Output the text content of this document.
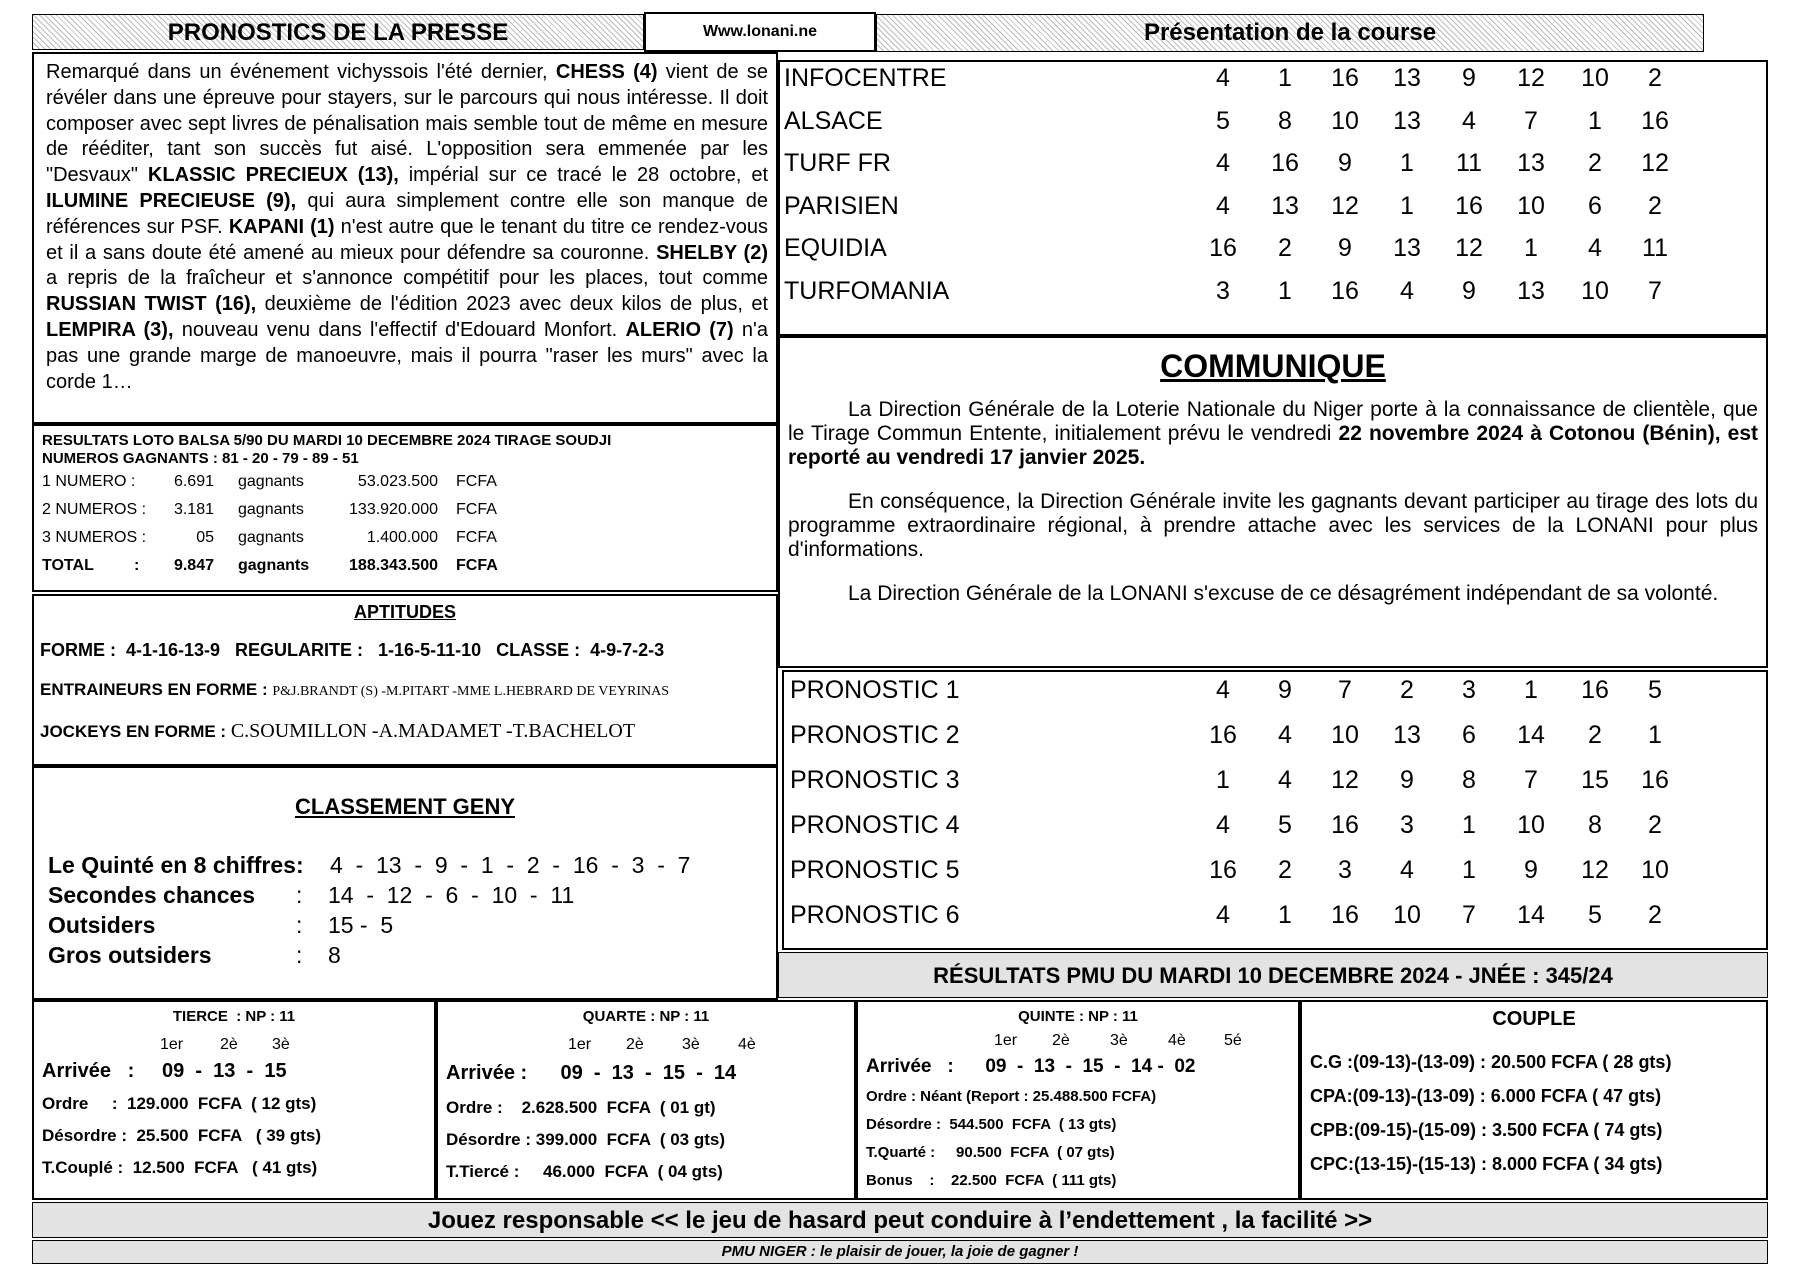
PRONOSTICS DE LA PRESSE	Www.lonani.ne	Présentation de la course
Remarqué dans un événement vichyssois l'été dernier, CHESS (4) vient de se révéler dans une épreuve pour stayers, sur le parcours qui nous intéresse. Il doit composer avec sept livres de pénalisation mais semble tout de même en mesure de rééditer, tant son succès fut aisé. L'opposition sera emmenée par les "Desvaux" KLASSIC PRECIEUX (13), impérial sur ce tracé le 28 octobre, et ILUMINE PRECIEUSE (9), qui aura simplement contre elle son manque de références sur PSF. KAPANI (1) n'est autre que le tenant du titre ce rendez-vous et il a sans doute été amené au mieux pour défendre sa couronne. SHELBY (2) a repris de la fraîcheur et s'annonce compétitif pour les places, tout comme RUSSIAN TWIST (16), deuxième de l'édition 2023 avec deux kilos de plus, et LEMPIRA (3), nouveau venu dans l'effectif d'Edouard Monfort. ALERIO (7) n'a pas une grande marge de manoeuvre, mais il pourra "raser les murs" avec la corde 1…
INFOCENTRE	4	1	16	13	9	12	10	2
ALSACE	5	8	10	13	4	7	1	16
TURF FR	4	16	9	1	11	13	2	12
PARISIEN	4	13	12	1	16	10	6	2
EQUIDIA	16	2	9	13	12	1	4	11
TURFOMANIA	3	1	16	4	9	13	10	7
RESULTATS LOTO BALSA 5/90 DU MARDI 10 DECEMBRE 2024 TIRAGE SOUDJI
NUMEROS GAGNANTS : 81 - 20 - 79 - 89 - 51
1 NUMERO :	6.691 gagnants	53.023.500 FCFA
2 NUMEROS :	3.181 gagnants	133.920.000 FCFA
3 NUMEROS :	05 gagnants	1.400.000 FCFA
TOTAL	9.847 gagnants	188.343.500 FCFA
:
APTITUDES
FORME :  4-1-16-13-9   REGULARITE :   1-16-5-11-10   CLASSE :  4-9-7-2-3
ENTRAINEURS EN FORME : P&J.BRANDT (S) -M.PITART -MME L.HEBRARD DE VEYRINAS
JOCKEYS EN FORME : C.SOUMILLON -A.MADAMET -T.BACHELOT
CLASSEMENT GENY
Le Quinté en 8 chiffres: 4  -  13  -  9  -  1  -  2  -  16  -  3  -  7
Secondes chances :    14  -  12  -  6  -  10  -  11
Outsiders	:    15 -  5
Gros outsiders	:    8
COMMUNIQUE

La Direction Générale de la Loterie Nationale du Niger porte à la connaissance de clientèle, que le Tirage Commun Entente, initialement prévu le vendredi 22 novembre 2024 à Cotonou (Bénin), est reporté au vendredi 17 janvier 2025.

En conséquence, la Direction Générale invite les gagnants devant participer au tirage des lots du programme extraordinaire régional, à prendre attache avec les services de la LONANI pour plus d'informations.

La Direction Générale de la LONANI s'excuse de ce désagrément indépendant de sa volonté.

PRONOSTIC 1	4	9	7	2	3	1	16	5
PRONOSTIC 2	16	4	10	13	6	14	2	1
PRONOSTIC 3	1	4	12	9	8	7	15	16
PRONOSTIC 4	4	5	16	3	1	10	8	2
PRONOSTIC 5	16	2	3	4	1	9	12	10
PRONOSTIC 6	4	1	16	10	7	14	5	2
RÉSULTATS PMU DU MARDI 10 DECEMBRE 2024 - JNÉE : 345/24
TIERCE  : NP : 11
1er 2è 3è
Arrivée   :     09  -  13  -  15
Ordre     :  129.000  FCFA  ( 12 gts)
Désordre :  25.500  FCFA   ( 39 gts)
T.Couplé :  12.500  FCFA   ( 41 gts)
QUARTE : NP : 11
1er 2è 3è 4è
Arrivée :      09  -  13  -  15  -  14
Ordre :    2.628.500  FCFA  ( 01 gt)
Désordre : 399.000  FCFA  ( 03 gts)
T.Tiercé :     46.000  FCFA  ( 04 gts)
QUINTE : NP : 11
1er 2è	3è	4è 5é
Arrivée   :      09  -  13  -  15  -  14 -  02
Ordre : Néant (Report : 25.488.500 FCFA)
Désordre :  544.500  FCFA  ( 13 gts)
T.Quarté :     90.500  FCFA  ( 07 gts)
Bonus    :    22.500  FCFA  ( 111 gts)
COUPLE
C.G :(09-13)-(13-09) : 20.500 FCFA ( 28 gts)
CPA:(09-13)-(13-09) : 6.000 FCFA ( 47 gts)
CPB:(09-15)-(15-09) : 3.500 FCFA ( 74 gts)
CPC:(13-15)-(15-13) : 8.000 FCFA ( 34 gts)
Jouez responsable << le jeu de hasard peut conduire à l’endettement , la facilité >>
PMU NIGER : le plaisir de jouer, la joie de gagner !
